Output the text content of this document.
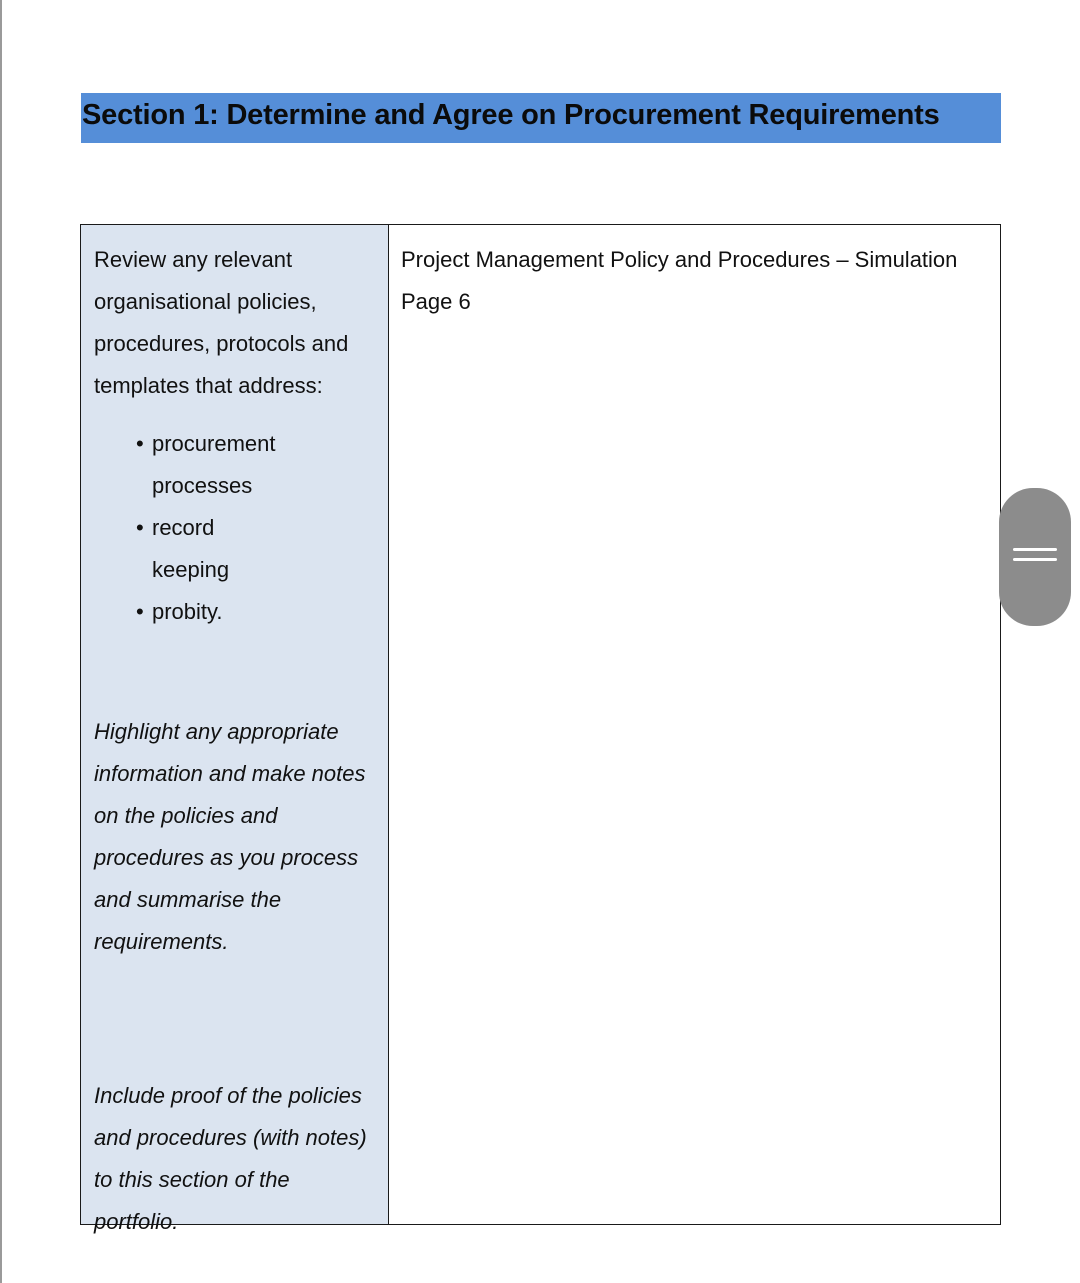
Section 1: Determine and Agree on Procurement Requirements

Review any relevant organisational policies, procedures, protocols and templates that address:

• procurement processes
• record keeping
• probity.

Highlight any appropriate information and make notes on the policies and procedures as you process and summarise the requirements.

Include proof of the policies and procedures (with notes) to this section of the portfolio.

Project Management Policy and Procedures – Simulation

Page 6
